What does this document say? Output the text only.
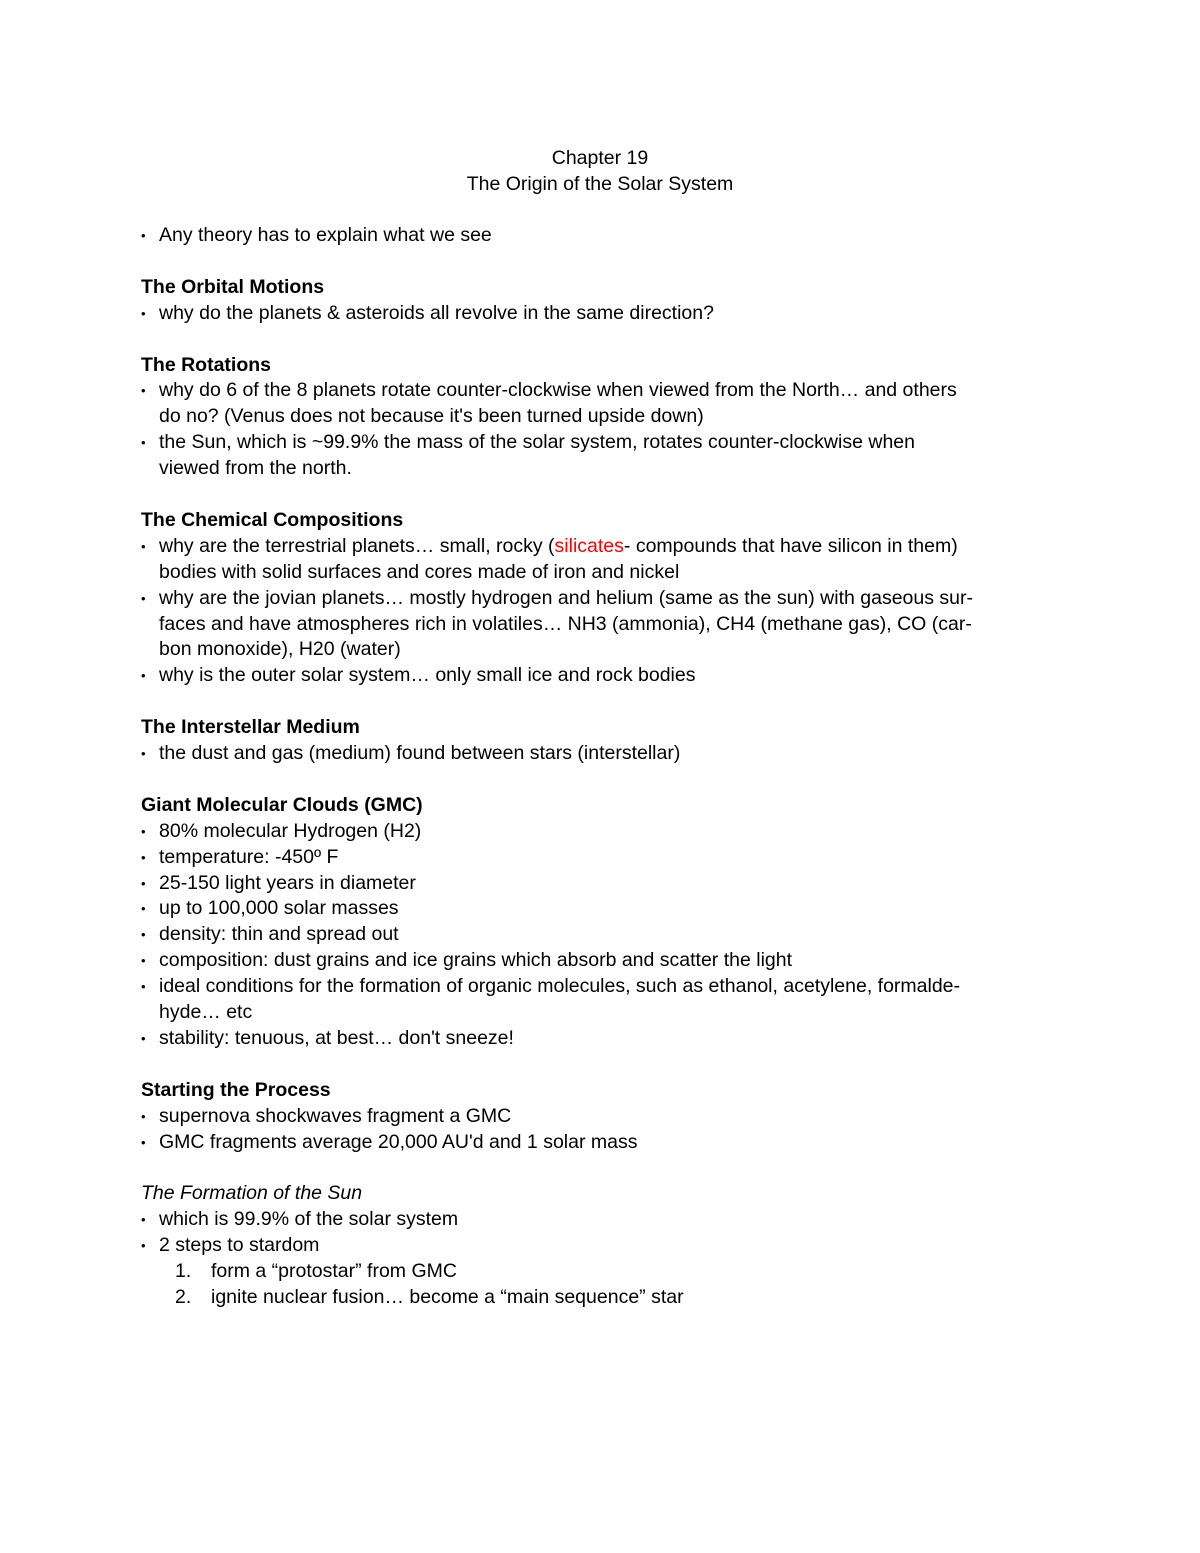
Chapter 19
The Origin of the Solar System
• Any theory has to explain what we see
The Orbital Motions
• why do the planets & asteroids all revolve in the same direction?
The Rotations
• why do 6 of the 8 planets rotate counter-clockwise when viewed from the North… and others
do no? (Venus does not because it's been turned upside down)
• the Sun, which is ~99.9% the mass of the solar system, rotates counter-clockwise when
viewed from the north.
The Chemical Compositions
• why are the terrestrial planets… small, rocky (silicates- compounds that have silicon in them)
bodies with solid surfaces and cores made of iron and nickel
• why are the jovian planets… mostly hydrogen and helium (same as the sun) with gaseous sur-
faces and have atmospheres rich in volatiles… NH3 (ammonia), CH4 (methane gas), CO (car-
bon monoxide), H20 (water)
• why is the outer solar system… only small ice and rock bodies
The Interstellar Medium
• the dust and gas (medium) found between stars (interstellar)
Giant Molecular Clouds (GMC)
• 80% molecular Hydrogen (H2)
• temperature: -450º F
• 25-150 light years in diameter
• up to 100,000 solar masses
• density: thin and spread out
• composition: dust grains and ice grains which absorb and scatter the light
• ideal conditions for the formation of organic molecules, such as ethanol, acetylene, formalde-
hyde… etc
• stability: tenuous, at best… don't sneeze!
Starting the Process
• supernova shockwaves fragment a GMC
• GMC fragments average 20,000 AU'd and 1 solar mass
The Formation of the Sun
• which is 99.9% of the solar system
• 2 steps to stardom
1. form a “protostar” from GMC
2. ignite nuclear fusion… become a “main sequence” star
